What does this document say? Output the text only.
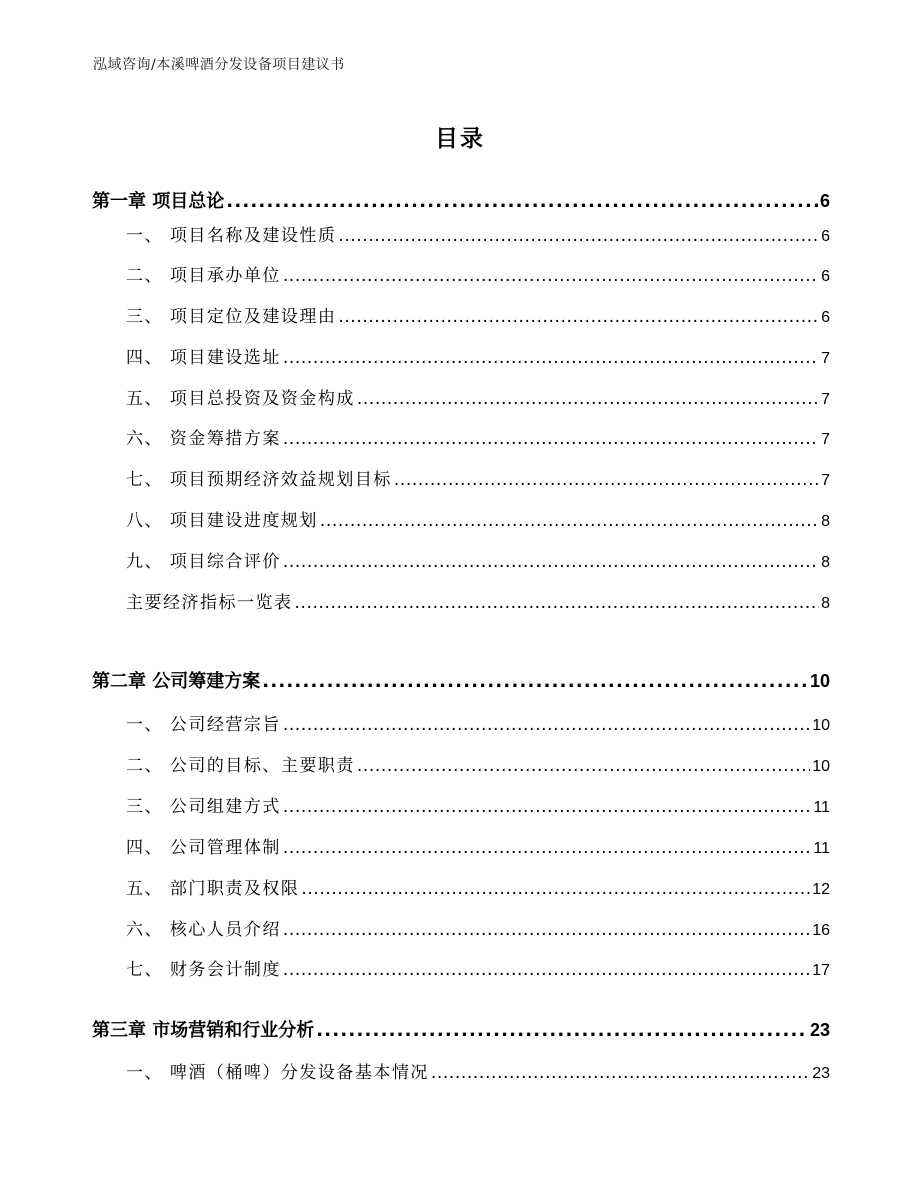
泓域咨询/本溪啤酒分发设备项目建议书
目录
第一章 项目总论 .....	6
一、 项目名称及建设性质 .....	6
二、 项目承办单位 .....	6
三、 项目定位及建设理由 .....	6
四、 项目建设选址 .....	7
五、 项目总投资及资金构成 .....	7
六、 资金筹措方案 .....	7
七、 项目预期经济效益规划目标 .....	7
八、 项目建设进度规划 .....	8
九、 项目综合评价 .....	8
主要经济指标一览表 .....	8
第二章 公司筹建方案 .....	10
一、 公司经营宗旨 .....	10
二、 公司的目标、主要职责 .....	10
三、 公司组建方式 .....	11
四、 公司管理体制 .....	11
五、 部门职责及权限 .....	12
六、 核心人员介绍 .....	16
七、 财务会计制度 .....	17
第三章 市场营销和行业分析 .....	23
一、 啤酒（桶啤）分发设备基本情况 .....	23
